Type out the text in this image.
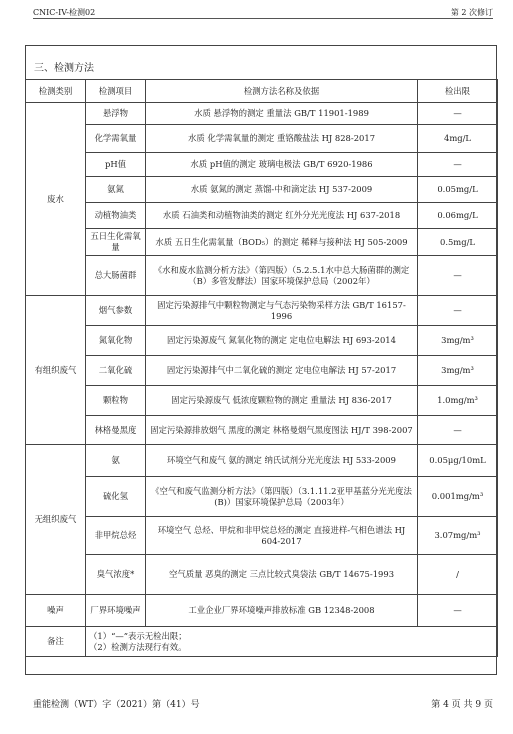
CNIC-IV-检测02	第 2 次修订
三、检测方法
检测类别	检测项目	检测方法名称及依据	检出限
废水	悬浮物	水质 悬浮物的测定 重量法 GB/T 11901-1989	—
	化学需氧量	水质 化学需氧量的测定 重铬酸盐法 HJ 828-2017	4mg/L
	pH值	水质 pH值的测定 玻璃电极法 GB/T 6920-1986	—
	氨氮	水质 氨氮的测定 蒸馏-中和滴定法 HJ 537-2009	0.05mg/L
	动植物油类	水质 石油类和动植物油类的测定 红外分光光度法 HJ 637-2018	0.06mg/L
	五日生化需氧量	水质 五日生化需氧量（BOD₅）的测定 稀释与接种法 HJ 505-2009	0.5mg/L
	总大肠菌群	《水和废水监测分析方法》（第四版）（5.2.5.1水中总大肠菌群的测定（B）多管发酵法）国家环境保护总局（2002年）	—
有组织废气	烟气参数	固定污染源排气中颗粒物测定与气态污染物采样方法 GB/T 16157-1996	—
	氮氧化物	固定污染源废气 氮氧化物的测定 定电位电解法 HJ 693-2014	3mg/m³
	二氧化硫	固定污染源排气中二氧化硫的测定 定电位电解法 HJ 57-2017	3mg/m³
	颗粒物	固定污染源废气 低浓度颗粒物的测定 重量法 HJ 836-2017	1.0mg/m³
	林格曼黑度	固定污染源排放烟气 黑度的测定 林格曼烟气黑度图法 HJ/T 398-2007	—
无组织废气	氨	环境空气和废气 氨的测定 纳氏试剂分光光度法 HJ 533-2009	0.05μg/10mL
	硫化氢	《空气和废气监测分析方法》（第四版）（3.1.11.2亚甲基蓝分光光度法(B)）国家环境保护总局（2003年）	0.001mg/m³
	非甲烷总烃	环境空气 总烃、甲烷和非甲烷总烃的测定 直接进样-气相色谱法 HJ 604-2017	3.07mg/m³
	臭气浓度*	空气质量 恶臭的测定 三点比较式臭袋法 GB/T 14675-1993	/
噪声	厂界环境噪声	工业企业厂界环境噪声排放标准 GB 12348-2008	—
备注	（1）“—”表示无检出限；
（2）检测方法现行有效。		
重能检测（WT）字（2021）第（41）号	第 4 页 共 9 页
